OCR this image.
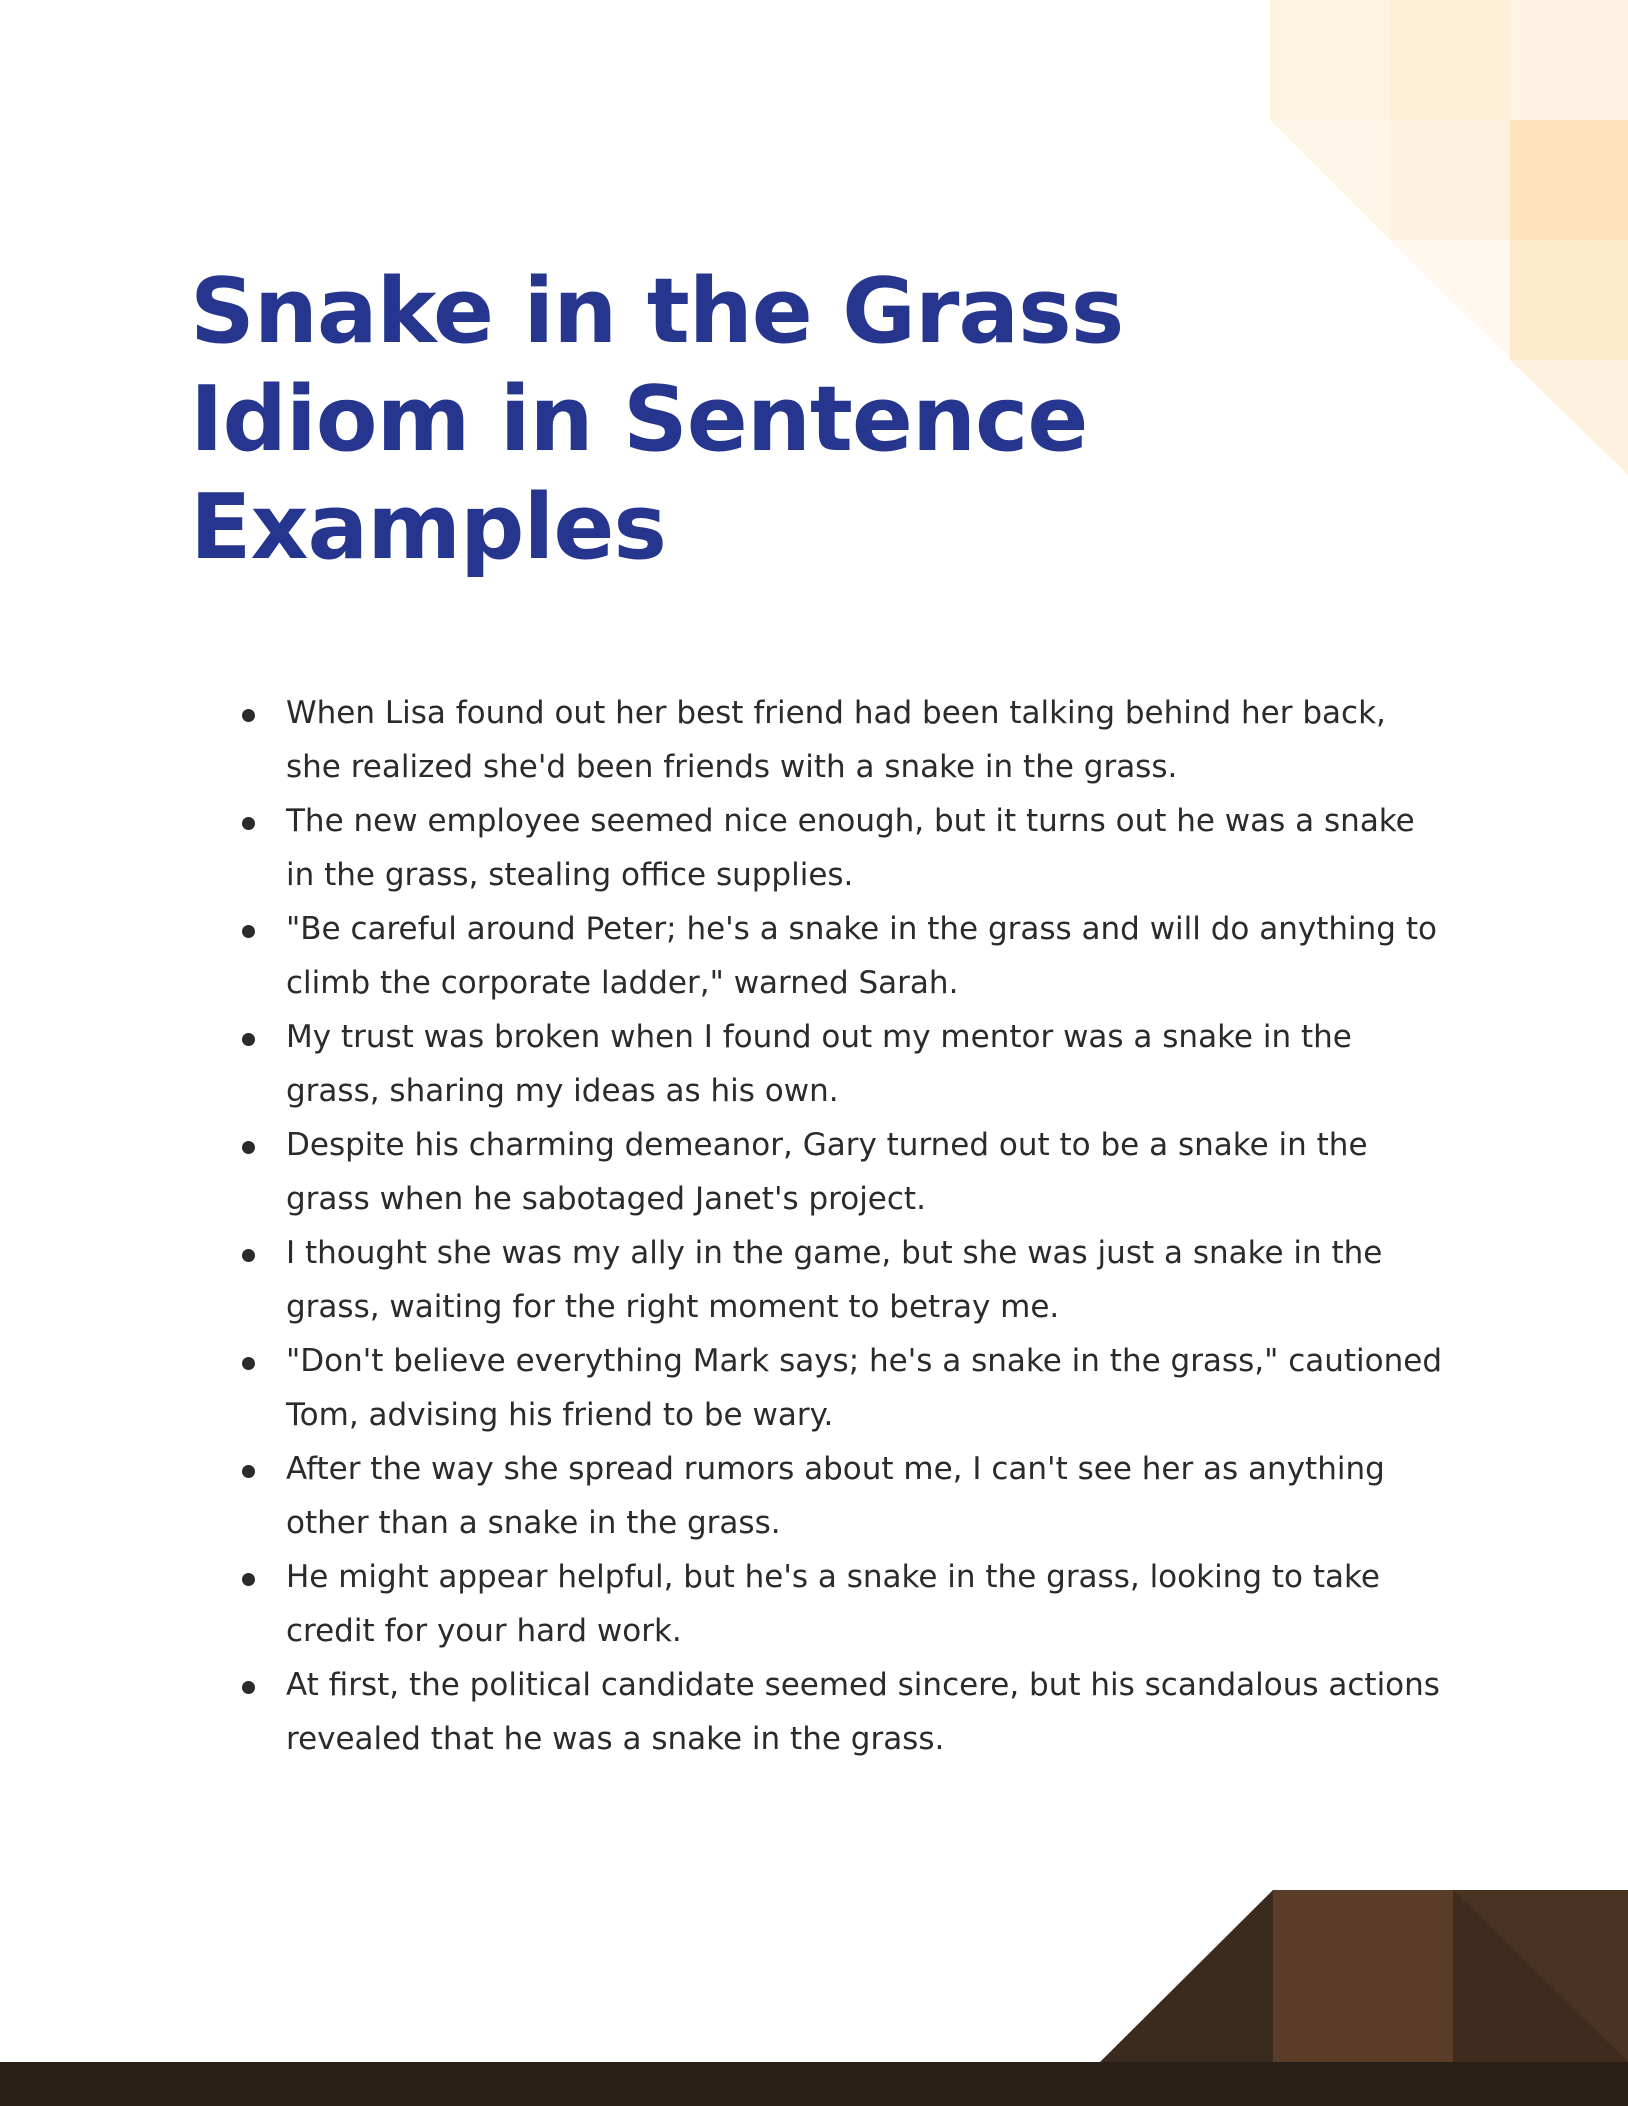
Snake in the Grass Idiom in Sentence Examples
When Lisa found out her best friend had been talking behind her back, she realized she'd been friends with a snake in the grass.
The new employee seemed nice enough, but it turns out he was a snake in the grass, stealing office supplies.
"Be careful around Peter; he's a snake in the grass and will do anything to climb the corporate ladder," warned Sarah.
My trust was broken when I found out my mentor was a snake in the grass, sharing my ideas as his own.
Despite his charming demeanor, Gary turned out to be a snake in the grass when he sabotaged Janet's project.
I thought she was my ally in the game, but she was just a snake in the grass, waiting for the right moment to betray me.
"Don't believe everything Mark says; he's a snake in the grass," cautioned Tom, advising his friend to be wary.
After the way she spread rumors about me, I can't see her as anything other than a snake in the grass.
He might appear helpful, but he's a snake in the grass, looking to take credit for your hard work.
At first, the political candidate seemed sincere, but his scandalous actions revealed that he was a snake in the grass.
